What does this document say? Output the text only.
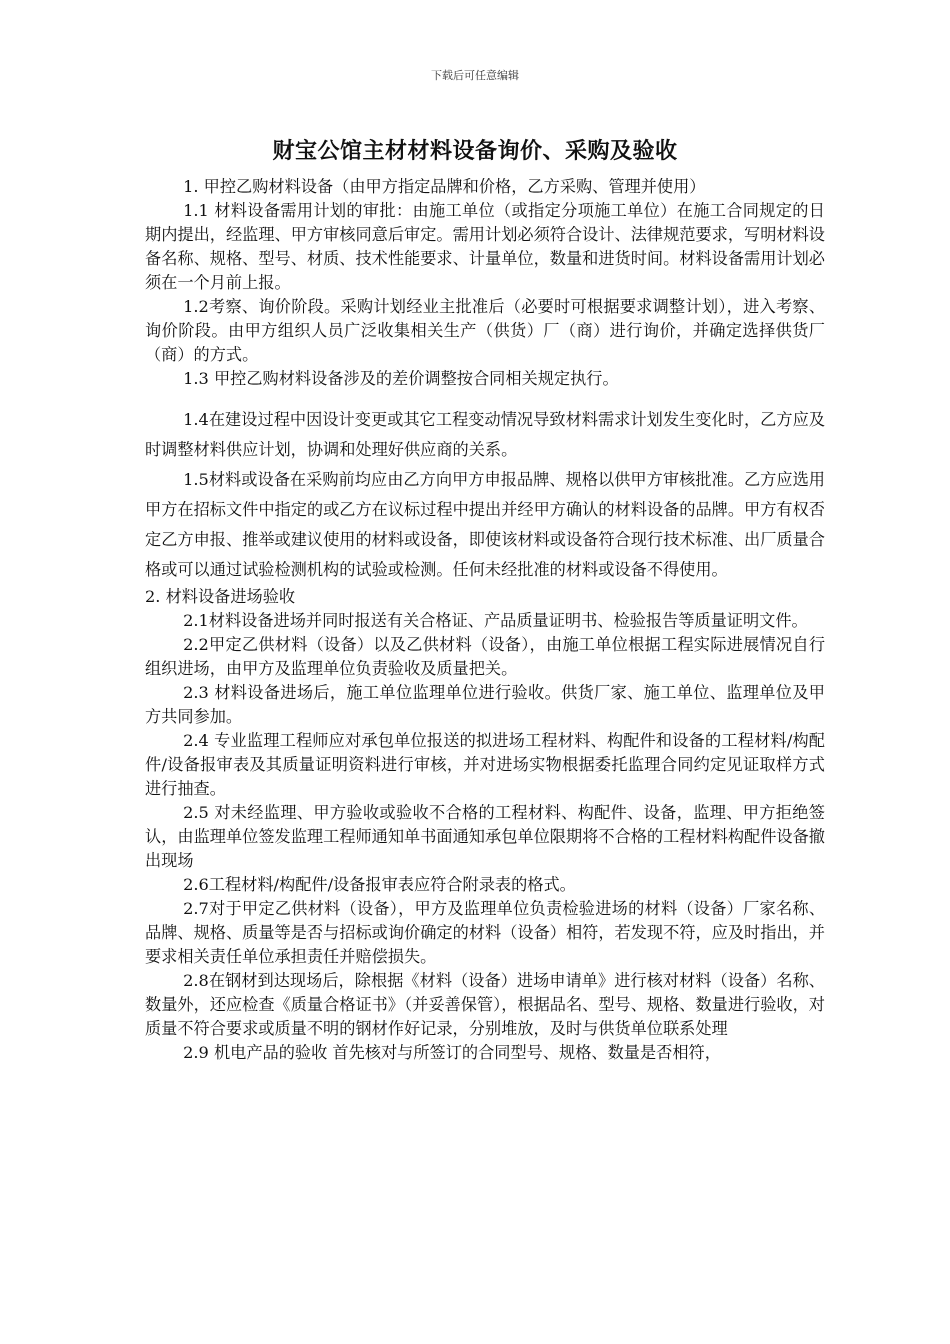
下载后可任意编辑
财宝公馆主材材料设备询价、采购及验收

1. 甲控乙购材料设备（由甲方指定品牌和价格，乙方采购、管理并使用）

1.1 材料设备需用计划的审批：由施工单位（或指定分项施工单位）在施工合同规定的日期内提出，经监理、甲方审核同意后审定。需用计划必须符合设计、法律规范要求，写明材料设备名称、规格、型号、材质、技术性能要求、计量单位，数量和进货时间。材料设备需用计划必须在一个月前上报。

1.2考察、询价阶段。采购计划经业主批准后（必要时可根据要求调整计划），进入考察、询价阶段。由甲方组织人员广泛收集相关生产（供货）厂（商）进行询价，并确定选择供货厂（商）的方式。

1.3 甲控乙购材料设备涉及的差价调整按合同相关规定执行。

1.4在建设过程中因设计变更或其它工程变动情况导致材料需求计划发生变化时，乙方应及时调整材料供应计划，协调和处理好供应商的关系。

1.5材料或设备在采购前均应由乙方向甲方申报品牌、规格以供甲方审核批准。乙方应选用甲方在招标文件中指定的或乙方在议标过程中提出并经甲方确认的材料设备的品牌。甲方有权否定乙方申报、推举或建议使用的材料或设备，即使该材料或设备符合现行技术标准、出厂质量合格或可以通过试验检测机构的试验或检测。任何未经批准的材料或设备不得使用。

2. 材料设备进场验收

2.1材料设备进场并同时报送有关合格证、产品质量证明书、检验报告等质量证明文件。

2.2甲定乙供材料（设备）以及乙供材料（设备），由施工单位根据工程实际进展情况自行组织进场，由甲方及监理单位负责验收及质量把关。

2.3 材料设备进场后，施工单位监理单位进行验收。供货厂家、施工单位、监理单位及甲方共同参加。

2.4 专业监理工程师应对承包单位报送的拟进场工程材料、构配件和设备的工程材料/构配件/设备报审表及其质量证明资料进行审核，并对进场实物根据委托监理合同约定见证取样方式进行抽查。

2.5 对未经监理、甲方验收或验收不合格的工程材料、构配件、设备，监理、甲方拒绝签认，由监理单位签发监理工程师通知单书面通知承包单位限期将不合格的工程材料构配件设备撤出现场

2.6工程材料/构配件/设备报审表应符合附录表的格式。

2.7对于甲定乙供材料（设备），甲方及监理单位负责检验进场的材料（设备）厂家名称、品牌、规格、质量等是否与招标或询价确定的材料（设备）相符，若发现不符，应及时指出，并要求相关责任单位承担责任并赔偿损失。

2.8在钢材到达现场后，除根据《材料（设备）进场申请单》进行核对材料（设备）名称、数量外，还应检查《质量合格证书》（并妥善保管），根据品名、型号、规格、数量进行验收，对质量不符合要求或质量不明的钢材作好记录，分别堆放，及时与供货单位联系处理

2.9 机电产品的验收 首先核对与所签订的合同型号、规格、数量是否相符，
